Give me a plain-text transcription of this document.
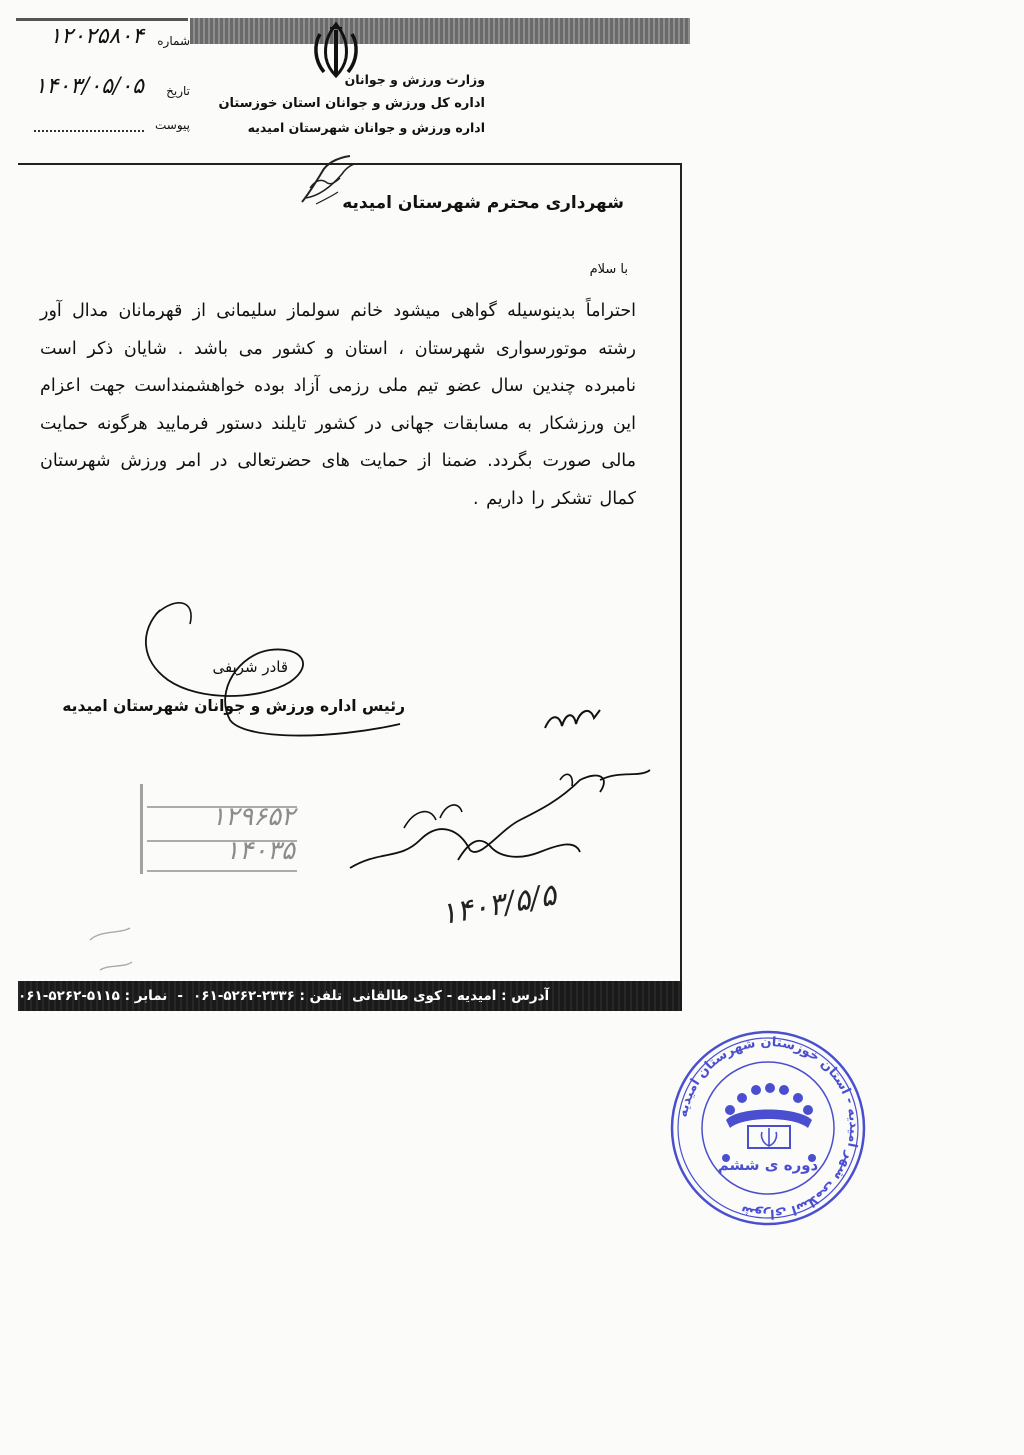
شماره
۱۲۰۲۵۸۰۴
تاریخ
۱۴۰۳/۰۵/۰۵
پیوست
وزارت ورزش و جوانان
اداره کل ورزش و جوانان استان خوزستان
اداره ورزش و جوانان شهرستان امیدیه
شهرداری محترم شهرستان امیدیه
با سلام
احتراماً بدینوسیله گواهی میشود خانم سولماز سلیمانی از قهرمانان مدال آور رشته موتورسواری شهرستان ، استان و کشور می باشد . شایان ذکر است نامبرده چندین سال عضو تیم ملی رزمی آزاد بوده خواهشمنداست جهت اعزام این ورزشکار به مسابقات جهانی در کشور تایلند دستور فرمایید هرگونه حمایت مالی صورت بگردد. ضمنا از حمایت های حضرتعالی در امر ورزش شهرستان کمال تشکر را داریم .
قادر شریفی
رئیس اداره ورزش و جوانان شهرستان امیدیه
۱۲۹۶۵۲
۱۴۰۳۵
۱۴۰۳/۵/۵
آدرس : امیدیه - کوی طالقانی
تلفن : ۲۳۳۶-۵۲۶۲-۰۶۱
-
نمابر : ۵۱۱۵-۵۲۶۲-۰۶۱
شورای اسلامی شهر امیدیه - استان خوزستان شهرستان امیدیه
دوره ی ششم
